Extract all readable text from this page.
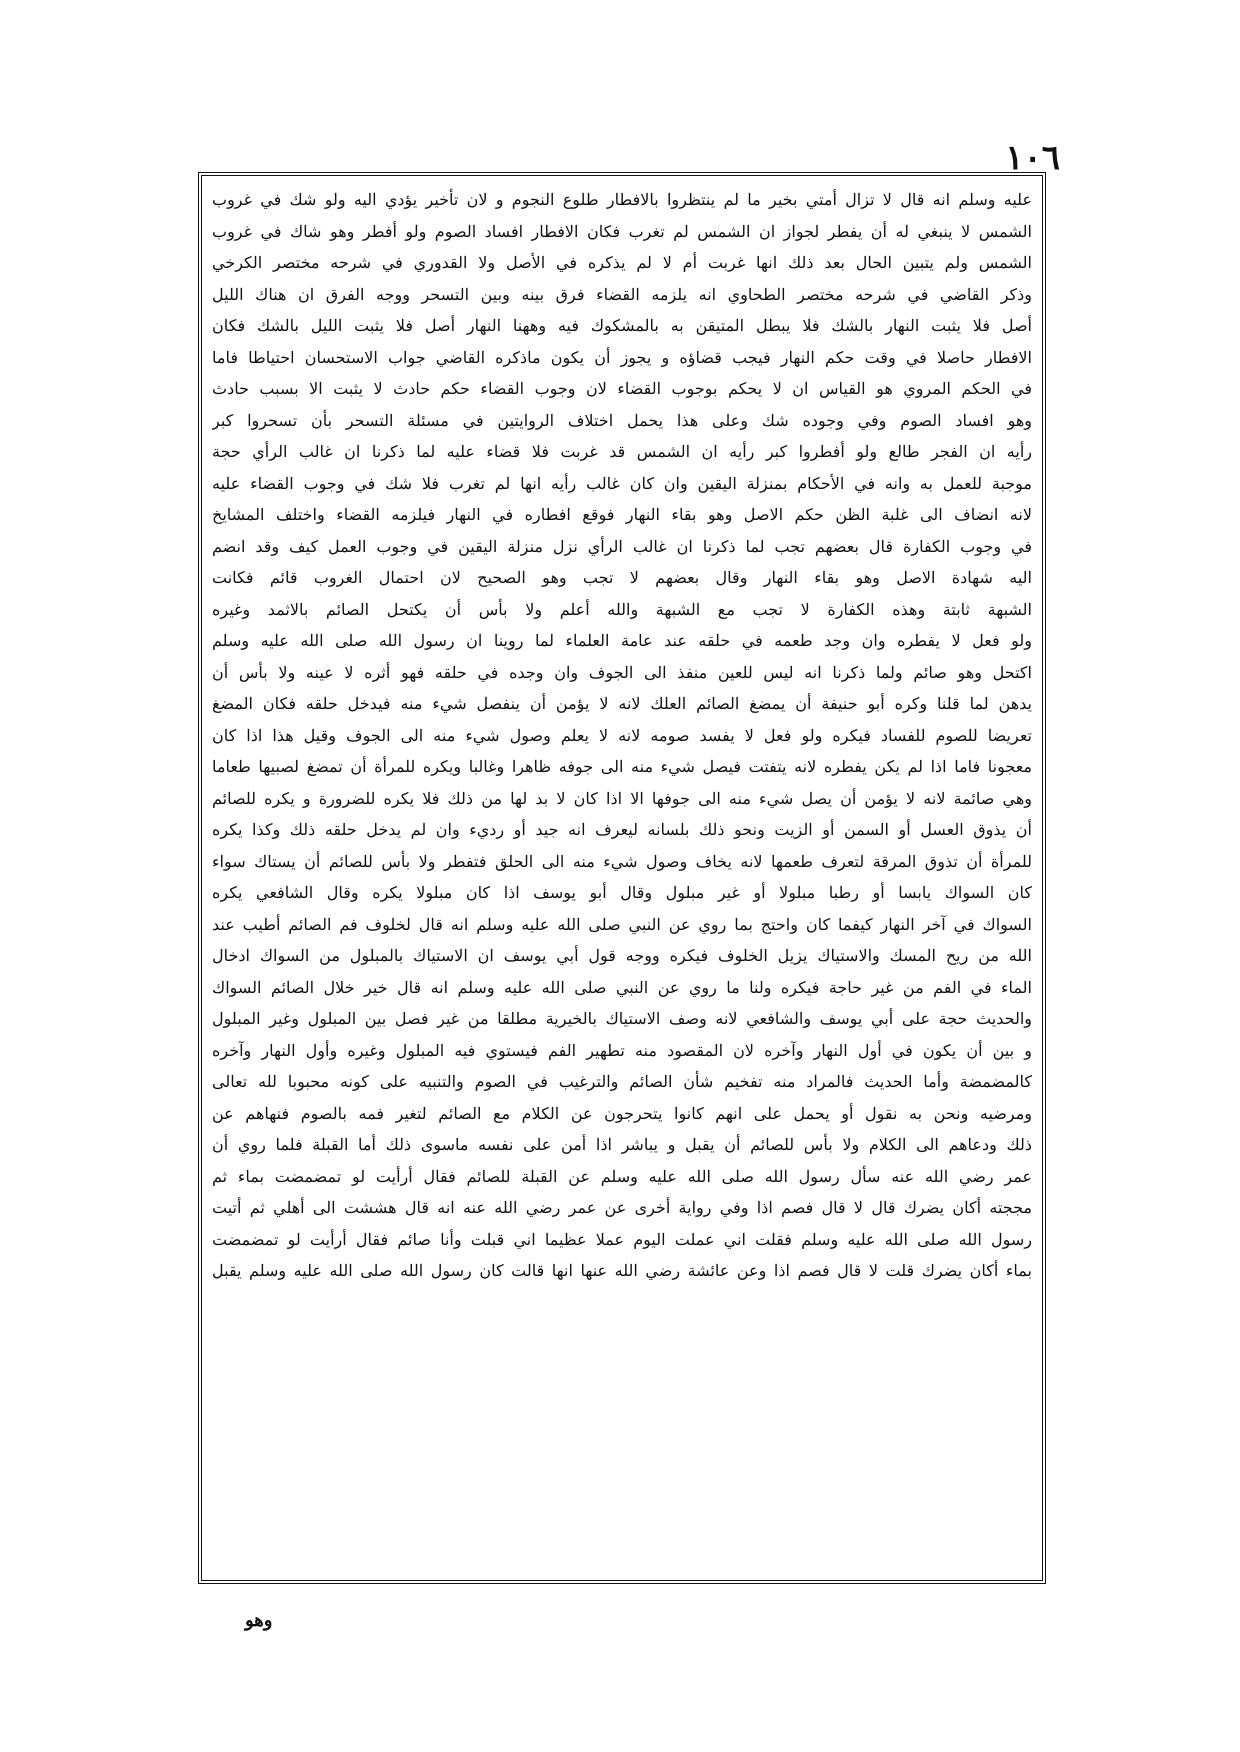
١٠٦
عليه وسلم انه قال لا تزال أمتي بخير ما لم ينتظروا بالافطار طلوع النجوم و لان تأخير يؤدي اليه ولو شك في غروب
الشمس لا ينبغي له أن يفطر لجواز ان الشمس لم تغرب فكان الافطار افساد الصوم ولو أفطر وهو شاك في غروب
الشمس ولم يتبين الحال بعد ذلك انها غربت أم لا لم يذكره في الأصل ولا القدوري في شرحه مختصر الكرخي
وذكر القاضي في شرحه مختصر الطحاوي انه يلزمه القضاء فرق بينه وبين التسحر ووجه الفرق ان هناك الليل
أصل فلا يثبت النهار بالشك فلا يبطل المتيقن به بالمشكوك فيه وههنا النهار أصل فلا يثبت الليل بالشك فكان
الافطار حاصلا في وقت حكم النهار فيجب قضاؤه و يجوز أن يكون ماذكره القاضي جواب الاستحسان احتياطا فاما
في الحكم المروي هو القياس ان لا يحكم بوجوب القضاء لان وجوب القضاء حكم حادث لا يثبت الا بسبب حادث
وهو افساد الصوم وفي وجوده شك وعلى هذا يحمل اختلاف الروايتين في مسئلة التسحر بأن تسحروا كبر
رأيه ان الفجر طالع ولو أفطروا كبر رأيه ان الشمس قد غربت فلا قضاء عليه لما ذكرنا ان غالب الرأي حجة
موجبة للعمل به وانه في الأحكام بمنزلة اليقين وان كان غالب رأيه انها لم تغرب فلا شك في وجوب القضاء عليه
لانه انضاف الى غلبة الظن حكم الاصل وهو بقاء النهار فوقع افطاره في النهار فيلزمه القضاء واختلف المشايخ
في وجوب الكفارة قال بعضهم تجب لما ذكرنا ان غالب الرأي نزل منزلة اليقين في وجوب العمل كيف وقد انضم
اليه شهادة الاصل وهو بقاء النهار وقال بعضهم لا تجب وهو الصحيح لان احتمال الغروب قائم فكانت
الشبهة ثابتة وهذه الكفارة لا تجب مع الشبهة والله أعلم ولا بأس أن يكتحل الصائم بالاثمد وغيره
ولو فعل لا يفطره وان وجد طعمه في حلقه عند عامة العلماء لما روينا ان رسول الله صلى الله عليه وسلم
اكتحل وهو صائم ولما ذكرنا انه ليس للعين منفذ الى الجوف وان وجده في حلقه فهو أثره لا عينه ولا بأس أن
يدهن لما قلنا وكره أبو حنيفة أن يمضغ الصائم العلك لانه لا يؤمن أن ينفصل شيء منه فيدخل حلقه فكان المضغ
تعريضا للصوم للفساد فيكره ولو فعل لا يفسد صومه لانه لا يعلم وصول شيء منه الى الجوف وقيل هذا اذا كان
معجونا فاما اذا لم يكن يفطره لانه يتفتت فيصل شيء منه الى جوفه ظاهرا وغالبا ويكره للمرأة أن تمضغ لصبيها طعاما
وهي صائمة لانه لا يؤمن أن يصل شيء منه الى جوفها الا اذا كان لا بد لها من ذلك فلا يكره للضرورة و يكره للصائم
أن يذوق العسل أو السمن أو الزيت ونحو ذلك بلسانه ليعرف انه جيد أو رديء وان لم يدخل حلقه ذلك وكذا يكره
للمرأة أن تذوق المرقة لتعرف طعمها لانه يخاف وصول شيء منه الى الحلق فتفطر ولا بأس للصائم أن يستاك سواء
كان السواك يابسا أو رطبا مبلولا أو غير مبلول وقال أبو يوسف اذا كان مبلولا يكره وقال الشافعي يكره
السواك في آخر النهار كيفما كان واحتج بما روي عن النبي صلى الله عليه وسلم انه قال لخلوف فم الصائم أطيب عند
الله من ريح المسك والاستياك يزيل الخلوف فيكره ووجه قول أبي يوسف ان الاستياك بالمبلول من السواك ادخال
الماء في الفم من غير حاجة فيكره ولنا ما روي عن النبي صلى الله عليه وسلم انه قال خير خلال الصائم السواك
والحديث حجة على أبي يوسف والشافعي لانه وصف الاستياك بالخيرية مطلقا من غير فصل بين المبلول وغير المبلول
و بين أن يكون في أول النهار وآخره لان المقصود منه تطهير الفم فيستوي فيه المبلول وغيره وأول النهار وآخره
كالمضمضة وأما الحديث فالمراد منه تفخيم شأن الصائم والترغيب في الصوم والتنبيه على كونه محبوبا لله تعالى
ومرضيه ونحن به نقول أو يحمل على انهم كانوا يتحرجون عن الكلام مع الصائم لتغير فمه بالصوم فنهاهم عن
ذلك ودعاهم الى الكلام ولا بأس للصائم أن يقبل و يباشر اذا أمن على نفسه ماسوى ذلك أما القبلة فلما روي أن
عمر رضي الله عنه سأل رسول الله صلى الله عليه وسلم عن القبلة للصائم فقال أرأيت لو تمضمضت بماء ثم
مججته أكان يضرك قال لا قال فصم اذا وفي رواية أخرى عن عمر رضي الله عنه انه قال هششت الى أهلي ثم أتيت
رسول الله صلى الله عليه وسلم فقلت اني عملت اليوم عملا عظيما اني قبلت وأنا صائم فقال أرأيت لو تمضمضت
بماء أكان يضرك قلت لا قال فصم اذا وعن عائشة رضي الله عنها انها قالت كان رسول الله صلى الله عليه وسلم يقبل
وهو
